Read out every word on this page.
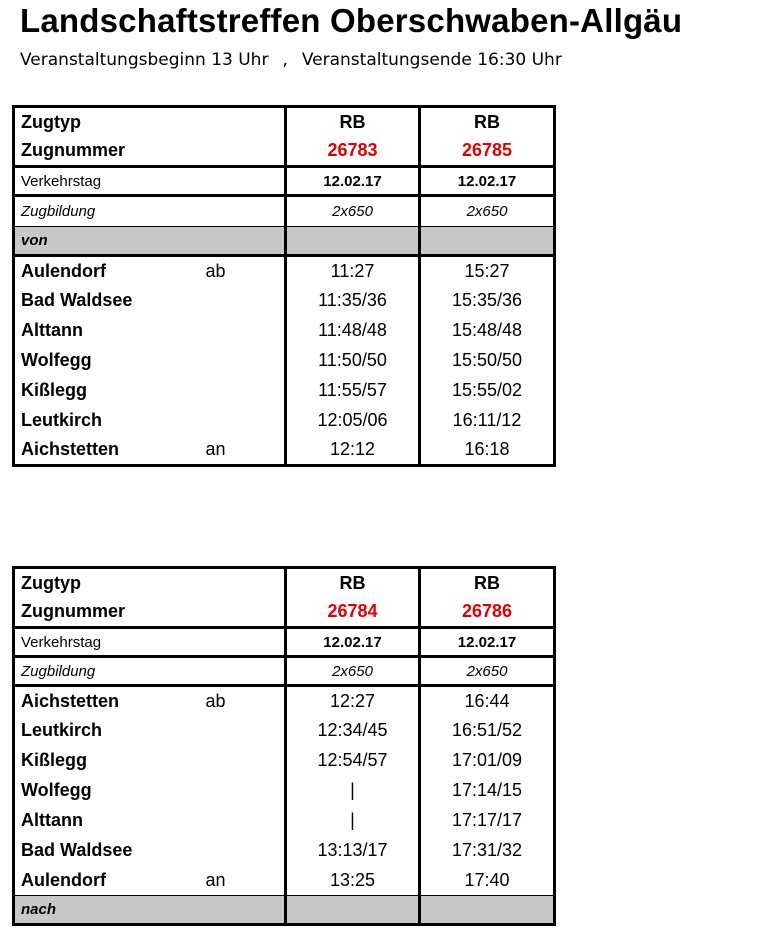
Landschaftstreffen Oberschwaben-Allgäu
Veranstaltungsbeginn 13 Uhr , Veranstaltungsende 16:30 Uhr
Zugtyp		RB	RB
Zugnummer		26783	26785
Verkehrstag		12.02.17	12.02.17
Zugbildung		2x650	2x650
von			
Aulendorf	ab	11:27	15:27
Bad Waldsee		11:35/36	15:35/36
Alttann		11:48/48	15:48/48
Wolfegg		11:50/50	15:50/50
Kißlegg		11:55/57	15:55/02
Leutkirch		12:05/06	16:11/12
Aichstetten	an	12:12	16:18
Zugtyp		RB	RB
Zugnummer		26784	26786
Verkehrstag		12.02.17	12.02.17
Zugbildung		2x650	2x650
Aichstetten	ab	12:27	16:44
Leutkirch		12:34/45	16:51/52
Kißlegg		12:54/57	17:01/09
Wolfegg		|	17:14/15
Alttann		|	17:17/17
Bad Waldsee		13:13/17	17:31/32
Aulendorf	an	13:25	17:40
nach			
